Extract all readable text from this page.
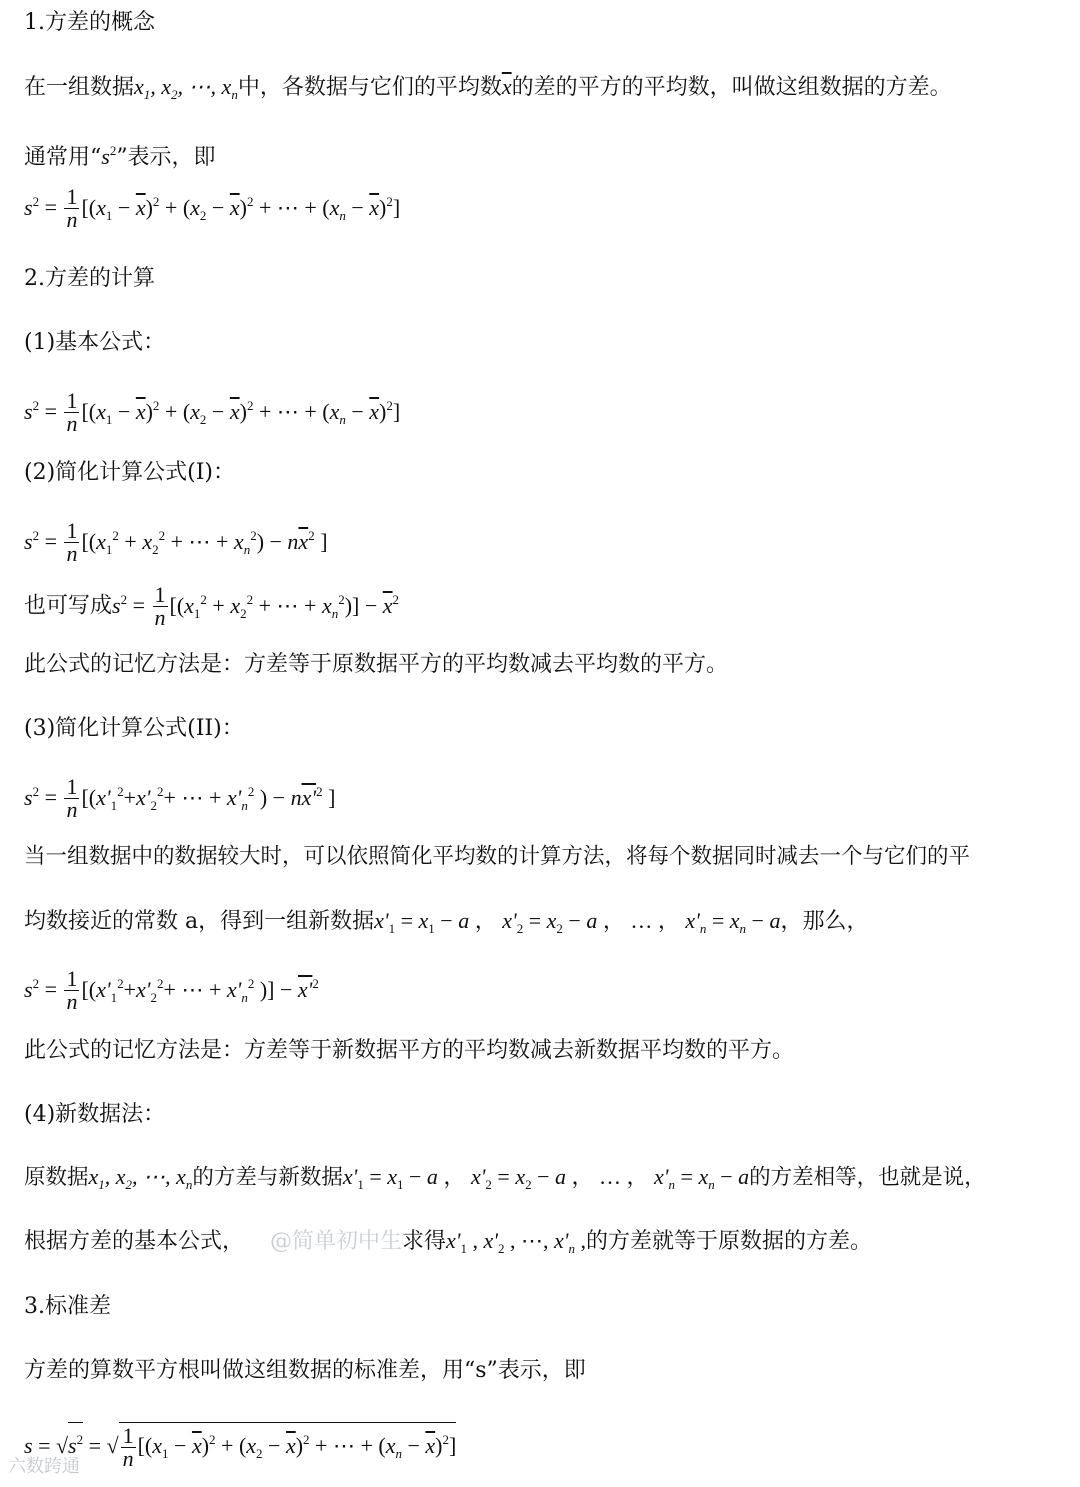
1.方差的概念
在一组数据$x_1$, $x_2$, ⋯, $x_n$中，各数据与它们的平均数$\overline{x}$的差的平方的平均数，叫做这组数据的方差。
通常用“$s^2$”表示，即
$s^2 = \frac{1}{n} [(x_1 - \overline{x})^2 + (x_2 - \overline{x})^2$ + ⋯ + $(x_n - \overline{x})^2$]
2.方差的计算
(1)基本公式：
$s^2 = \frac{1}{n} [(x_1 - \overline{x})^2 + (x_2 - \overline{x})^2$ + ⋯ + $(x_n - \overline{x})^2$]
(2)简化计算公式(I)：
$s^2 = \frac{1}{n} [(x_1^2 + x_2^2$ + ⋯ + $x_n^2) - n\overline{x}^2$ ]
也可写成$s^2 = \frac{1}{n} [(x_1^2 + x_2^2$ + ⋯ + $x_n^2)] - \overline{x}^2$
此公式的记忆方法是：方差等于原数据平方的平均数减去平均数的平方。
(3)简化计算公式(II)：
$s^2 = \frac{1}{n} [(x'_1^2+x'_2^2+$ ⋯ + $x'_n^2$ ) − $nx'^2$ ]
当一组数据中的数据较大时，可以依照简化平均数的计算方法，将每个数据同时减去一个与它们的平
均数接近的常数 a，得到一组新数据$x'_1 = x_1 - a$ ， $x'_2 = x_2 - a$ ， … ， $x'_n = x_n - a$，那么，
$s^2 = \frac{1}{n} [(x'_1^2+x'_2^2+$ ⋯ + $x'_n^2$ )] − $x'^2$
此公式的记忆方法是：方差等于新数据平方的平均数减去新数据平均数的平方。
(4)新数据法：
原数据$x_1$, $x_2$, ⋯, $x_n$的方差与新数据$x'_1 = x_1 - a$ ， $x'_2 = x_2 - a$ ， … ， $x'_n = x_n - a$的方差相等，也就是说，
根据方差的基本公式， @简单初中生求得$x'_1$ , $x'_2$ , ⋯, $x'_n$ ,的方差就等于原数据的方差。
3.标准差
方差的算数平方根叫做这组数据的标准差，用“s”表示，即
$s = √s^2$ = √ $\frac{1}{n} [(x_1 - \overline{x})^2 + (x_2 - \overline{x})^2$ + ⋯ + $(x_n - \overline{x})^2$]
六数跨通
